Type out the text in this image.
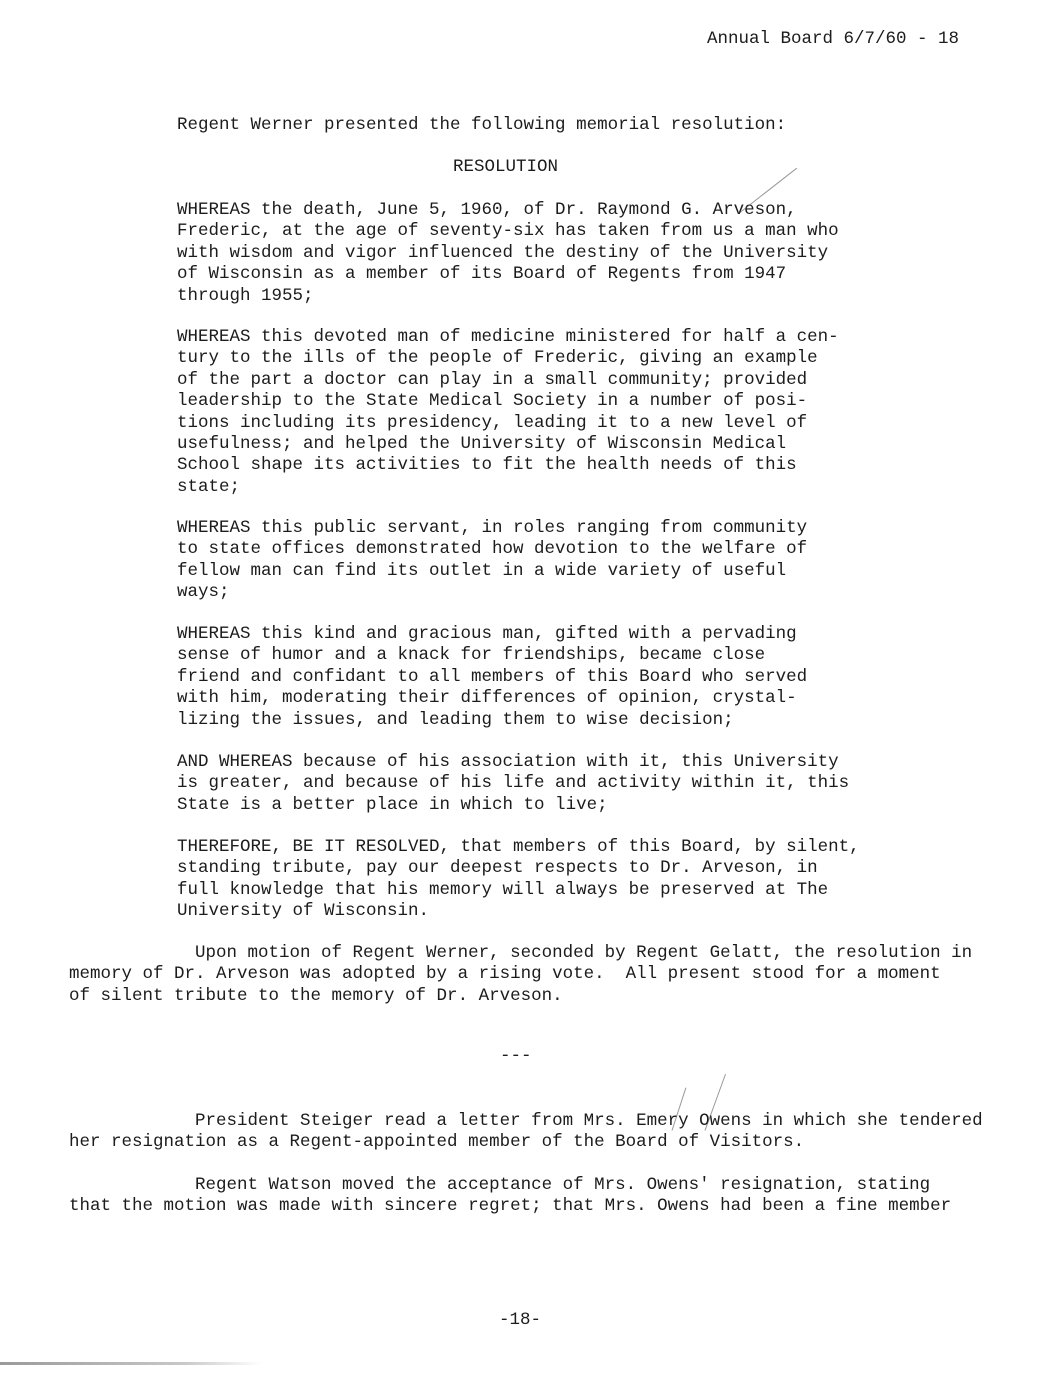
Annual Board 6/7/60 - 18
Regent Werner presented the following memorial resolution:
RESOLUTION
WHEREAS the death, June 5, 1960, of Dr. Raymond G. Arveson,
Frederic, at the age of seventy-six has taken from us a man who
with wisdom and vigor influenced the destiny of the University
of Wisconsin as a member of its Board of Regents from 1947
through 1955;
WHEREAS this devoted man of medicine ministered for half a cen-
tury to the ills of the people of Frederic, giving an example
of the part a doctor can play in a small community; provided
leadership to the State Medical Society in a number of posi-
tions including its presidency, leading it to a new level of
usefulness; and helped the University of Wisconsin Medical
School shape its activities to fit the health needs of this
state;
WHEREAS this public servant, in roles ranging from community
to state offices demonstrated how devotion to the welfare of
fellow man can find its outlet in a wide variety of useful
ways;
WHEREAS this kind and gracious man, gifted with a pervading
sense of humor and a knack for friendships, became close
friend and confidant to all members of this Board who served
with him, moderating their differences of opinion, crystal-
lizing the issues, and leading them to wise decision;
AND WHEREAS because of his association with it, this University
is greater, and because of his life and activity within it, this
State is a better place in which to live;
THEREFORE, BE IT RESOLVED, that members of this Board, by silent,
standing tribute, pay our deepest respects to Dr. Arveson, in
full knowledge that his memory will always be preserved at The
University of Wisconsin.
Upon motion of Regent Werner, seconded by Regent Gelatt, the resolution in
memory of Dr. Arveson was adopted by a rising vote.  All present stood for a moment
of silent tribute to the memory of Dr. Arveson.
---
President Steiger read a letter from Mrs. Emery Owens in which she tendered
her resignation as a Regent-appointed member of the Board of Visitors.
Regent Watson moved the acceptance of Mrs. Owens' resignation, stating
that the motion was made with sincere regret; that Mrs. Owens had been a fine member
-18-
